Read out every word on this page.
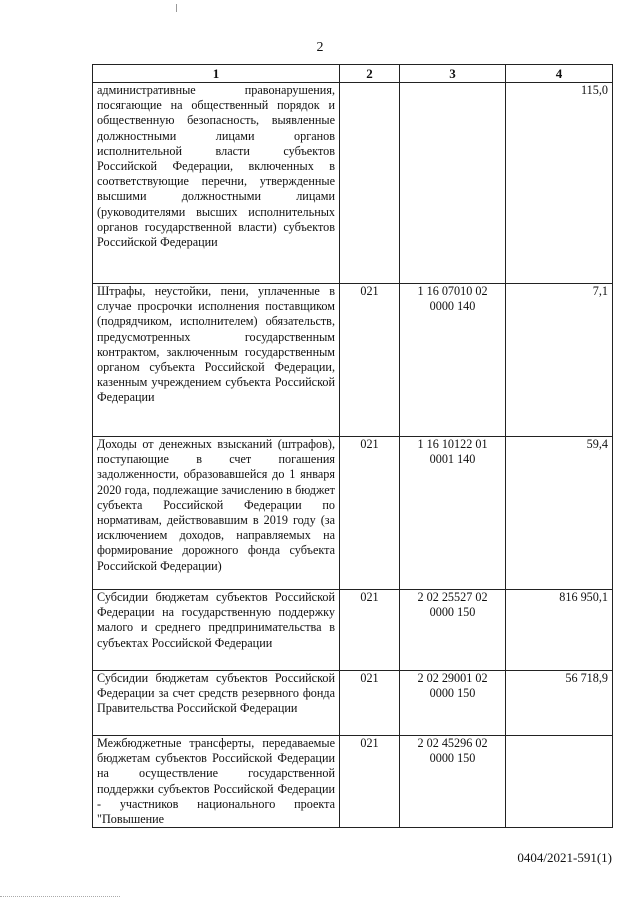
2
1	2	3	4
административные правонарушения, посягающие на общественный порядок и общественную безопасность, выявленные должностными лицами органов исполнительной власти субъектов Российской Федерации, включенных в соответствующие перечни, утвержденные высшими должностными лицами (руководителями высших исполнительных органов государственной власти) субъектов Российской Федерации			115,0
Штрафы, неустойки, пени, уплаченные в случае просрочки исполнения поставщиком (подрядчиком, исполнителем) обязательств, предусмотренных государственным контрактом, заключенным государственным органом субъекта Российской Федерации, казенным учреждением субъекта Российской Федерации	021	1 16 07010 02 0000 140	7,1
Доходы от денежных взысканий (штрафов), поступающие в счет погашения задолженности, образовавшейся до 1 января 2020 года, подлежащие зачислению в бюджет субъекта Российской Федерации по нормативам, действовавшим в 2019 году (за исключением доходов, направляемых на формирование дорожного фонда субъекта Российской Федерации)	021	1 16 10122 01 0001 140	59,4
Субсидии бюджетам субъектов Российской Федерации на государственную поддержку малого и среднего предпринимательства в субъектах Российской Федерации	021	2 02 25527 02 0000 150	816 950,1
Субсидии бюджетам субъектов Российской Федерации за счет средств резервного фонда Правительства Российской Федерации	021	2 02 29001 02 0000 150	56 718,9
Межбюджетные трансферты, передаваемые бюджетам субъектов Российской Федерации на осуществление государственной поддержки субъектов Российской Федерации - участников национального проекта "Повышение	021	2 02 45296 02 0000 150	
0404/2021-591(1)
